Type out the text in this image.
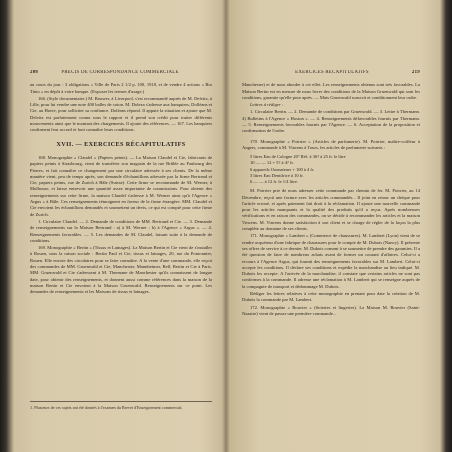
208	PRÉCIS DE CORRESPONDANCE COMMERCIALE

au cours du jour : 3 obligations « Ville de Paris 2 1/2 p. 100, 1910, et de vendre 4 actions « Rio Tinto » en dépôt à votre banque. (Exposer les termes d'usage.)

166. (Style documentaire.) M. Bouwer, à Liverpool, s'est recommandé auprès de M. Delvitz, à Lille, pour lui vendre une note 400 balles de coton. M. Doleza s'adresse aux banquiers, Dolléans et Cie, au Havre, pour solliciter sa confiance. Doléans répond. Il appuie la situation et ajoute que M. Delvitz est parfaitement connu sous le rapport et il prend son crédit pour traiter différents mouvements ainsi que le montant des chargements. Il ajoute des références. — 167. Les banquiers confirment leur accord et font connaître leurs conditions.

XVII. — EXERCICES RÉCAPITULATIFS

168. Monographie « Claudel » (Papiers peints). — La Maison Claudel et Cie, fabricants de papiers peints à Strasbourg, vient de transférer son magasin de la rue Brûlée au Faubourg des Pierres, et fait connaître ce changement par une circulaire adressée à ses clients. De la même manière vient, peu de temps après, son demande d'échantillons adressée par la firme Bertrand et Cie, papiers peints, rue de Zurich à Bâle (Suisse). Cette firme se recommande de M. Werner, à Mulhouse, et laisse entrevoir une quantité assez importante de commissions. Pour obtenir des renseignements sur cette firme, la maison Claudel s'adresse à M. Werner ainsi qu'à l'Agence « Argus » à Bâle. Ces renseignements témoignent en faveur de la firme étrangère. MM. Claudel et Cie envoient les échantillons demandés et soumettent un devis, ce qui est compté pour cette firme de Zurich.

1. Circulaire Claudel. — 2. Demande de conditions de MM. Bertrand et Cie. — 3. Demande de renseignements sur la Maison Bertrand : a) à M. Werner ; b) à l'Agence « Argus ». — 4. Renseignements favorables. — 5. Les demandes de M. Claudel, faisant suite à la demande de conditions.

169. Monographie « Bertin » (Tissus et Lainages). La Maison Bertin et Cie vient de s'installer à Rouen, sous la raison sociale : Bertin Paul et Cie, tissus et lainages, 20, rue du Pontonnier, Rouen. Elle envoie des circulaires pour se faire connaître. A la vente d'une commande, elle reçoit des commandes de MM. Gruenwald et Cie, Manchester, Mannheimer, Bell, Bertin et Cie à Paris. MM. Gruenwald et Cie s'adressent à M. Thermane de Manchester qu'ils connaissent de longue date, pour obtenir des renseignements, et donnent aussi comme références dans la maison de la maison Bertin et Cie envoient à la Maison Gruenwald. Renseignements sur ce point. Les demandes de renseignements et les Maisons de tissus et lainages.

1. Plusieurs de ces sujets ont été donnés à l'examen du Brevet d'Enseignement commercial.
EXERCICES RÉCAPITULATIFS	219

Manchester) et de nous aborder à cet effet. Les renseignements obtenus sont très favorables. La Maison Bertin est en mesure de nous livrer des conditions de la Maison Gruenwald qui sont les conditions, garantie qu'elle pose après. — Mais Gruenwald souscrit et conditionnent leur ordre.

Lettres à rédiger :

1. Circulaire Bertin. — 2. Demande de conditions par Gruenwald. — 3. Lettre à Thermann. 4) Bulletins à l'Agence « Hosion ». — 4. Renseignements défavorables fournis par Thermann. — 5. Renseignements favorables fournis par l'Agence. — 6. Acceptation de la proposition et confirmation de l'ordre.

170. Monographie « Poirrier » (Articles de parfumerie). M. Poirrier, maître-coiffeur à Angers, commande à M. Vincens à Tours, les articles de parfumerie suivants :

5 litres Eau de Cologne 20° Réf. à 36? à 25 fr. le litre
10 — — 12 + 5? à 4? fr.
6 appareils Ozonateurs + 100 à 4 fr.
3 litres Eau Dentifrice à 10 fr.
6 — — à 12 fr. le 1/4 litre.

M. Poirrier prie de nous adresser cette commande par chemin de fer. M. Poirrier, au 14 Décembre, reçoit une facture avec les articles commandés... Il joint en retour un chèque pour l'article erroné, et après paiement fait droit à la réclamation. Il ajoute une nouvelle commande pour les articles manquants et la qualité des produits qu'il a reçus. Après nombreuses vérifications et en raison des commandes, on se décide à recommander les articles et la maison Vincens. M. Vincens donne satisfaction à son client et se charge de régler de la façon la plus complète au domaine de ses clients.

171. Monographie « Lambert » (Commerce de chaussures). M. Lambert (Lyon) vient de se rendre acquéreur d'une fabrique de chaussures pour le compte de M. Dubois (Nancy). Il présente ses offres de service à ce dernier. M. Dubois consent à se soumettre de prendre des garanties. Il a été question de faire de nombreux achats avant de former un courant d'affaires. Celui-ci a recours à l'Agence Argus, qui fournit des renseignements favorables sur M. Lambert. Celui-ci accepte les conditions. Il déclare ses conditions et expédie la marchandise au lieu indiqué. M. Dubois les accepte. A l'arrivée de la marchandise, il constate que certains articles ne sont pas conformes à la commande. Il adresse une réclamation à M. Lambert qui se renseigne auprès de la compagnie de transport et dédommage M. Dubois.

Rédiger les lettres relatives à cette monographie en prenant pour date la création de M. Dubois la commande par M. Lambert.

172. Monographie « Bouvier » (Soieries et lingeries). La Maison M. Bouvier (Saint-Nazaire) vient de passer une première commande...
